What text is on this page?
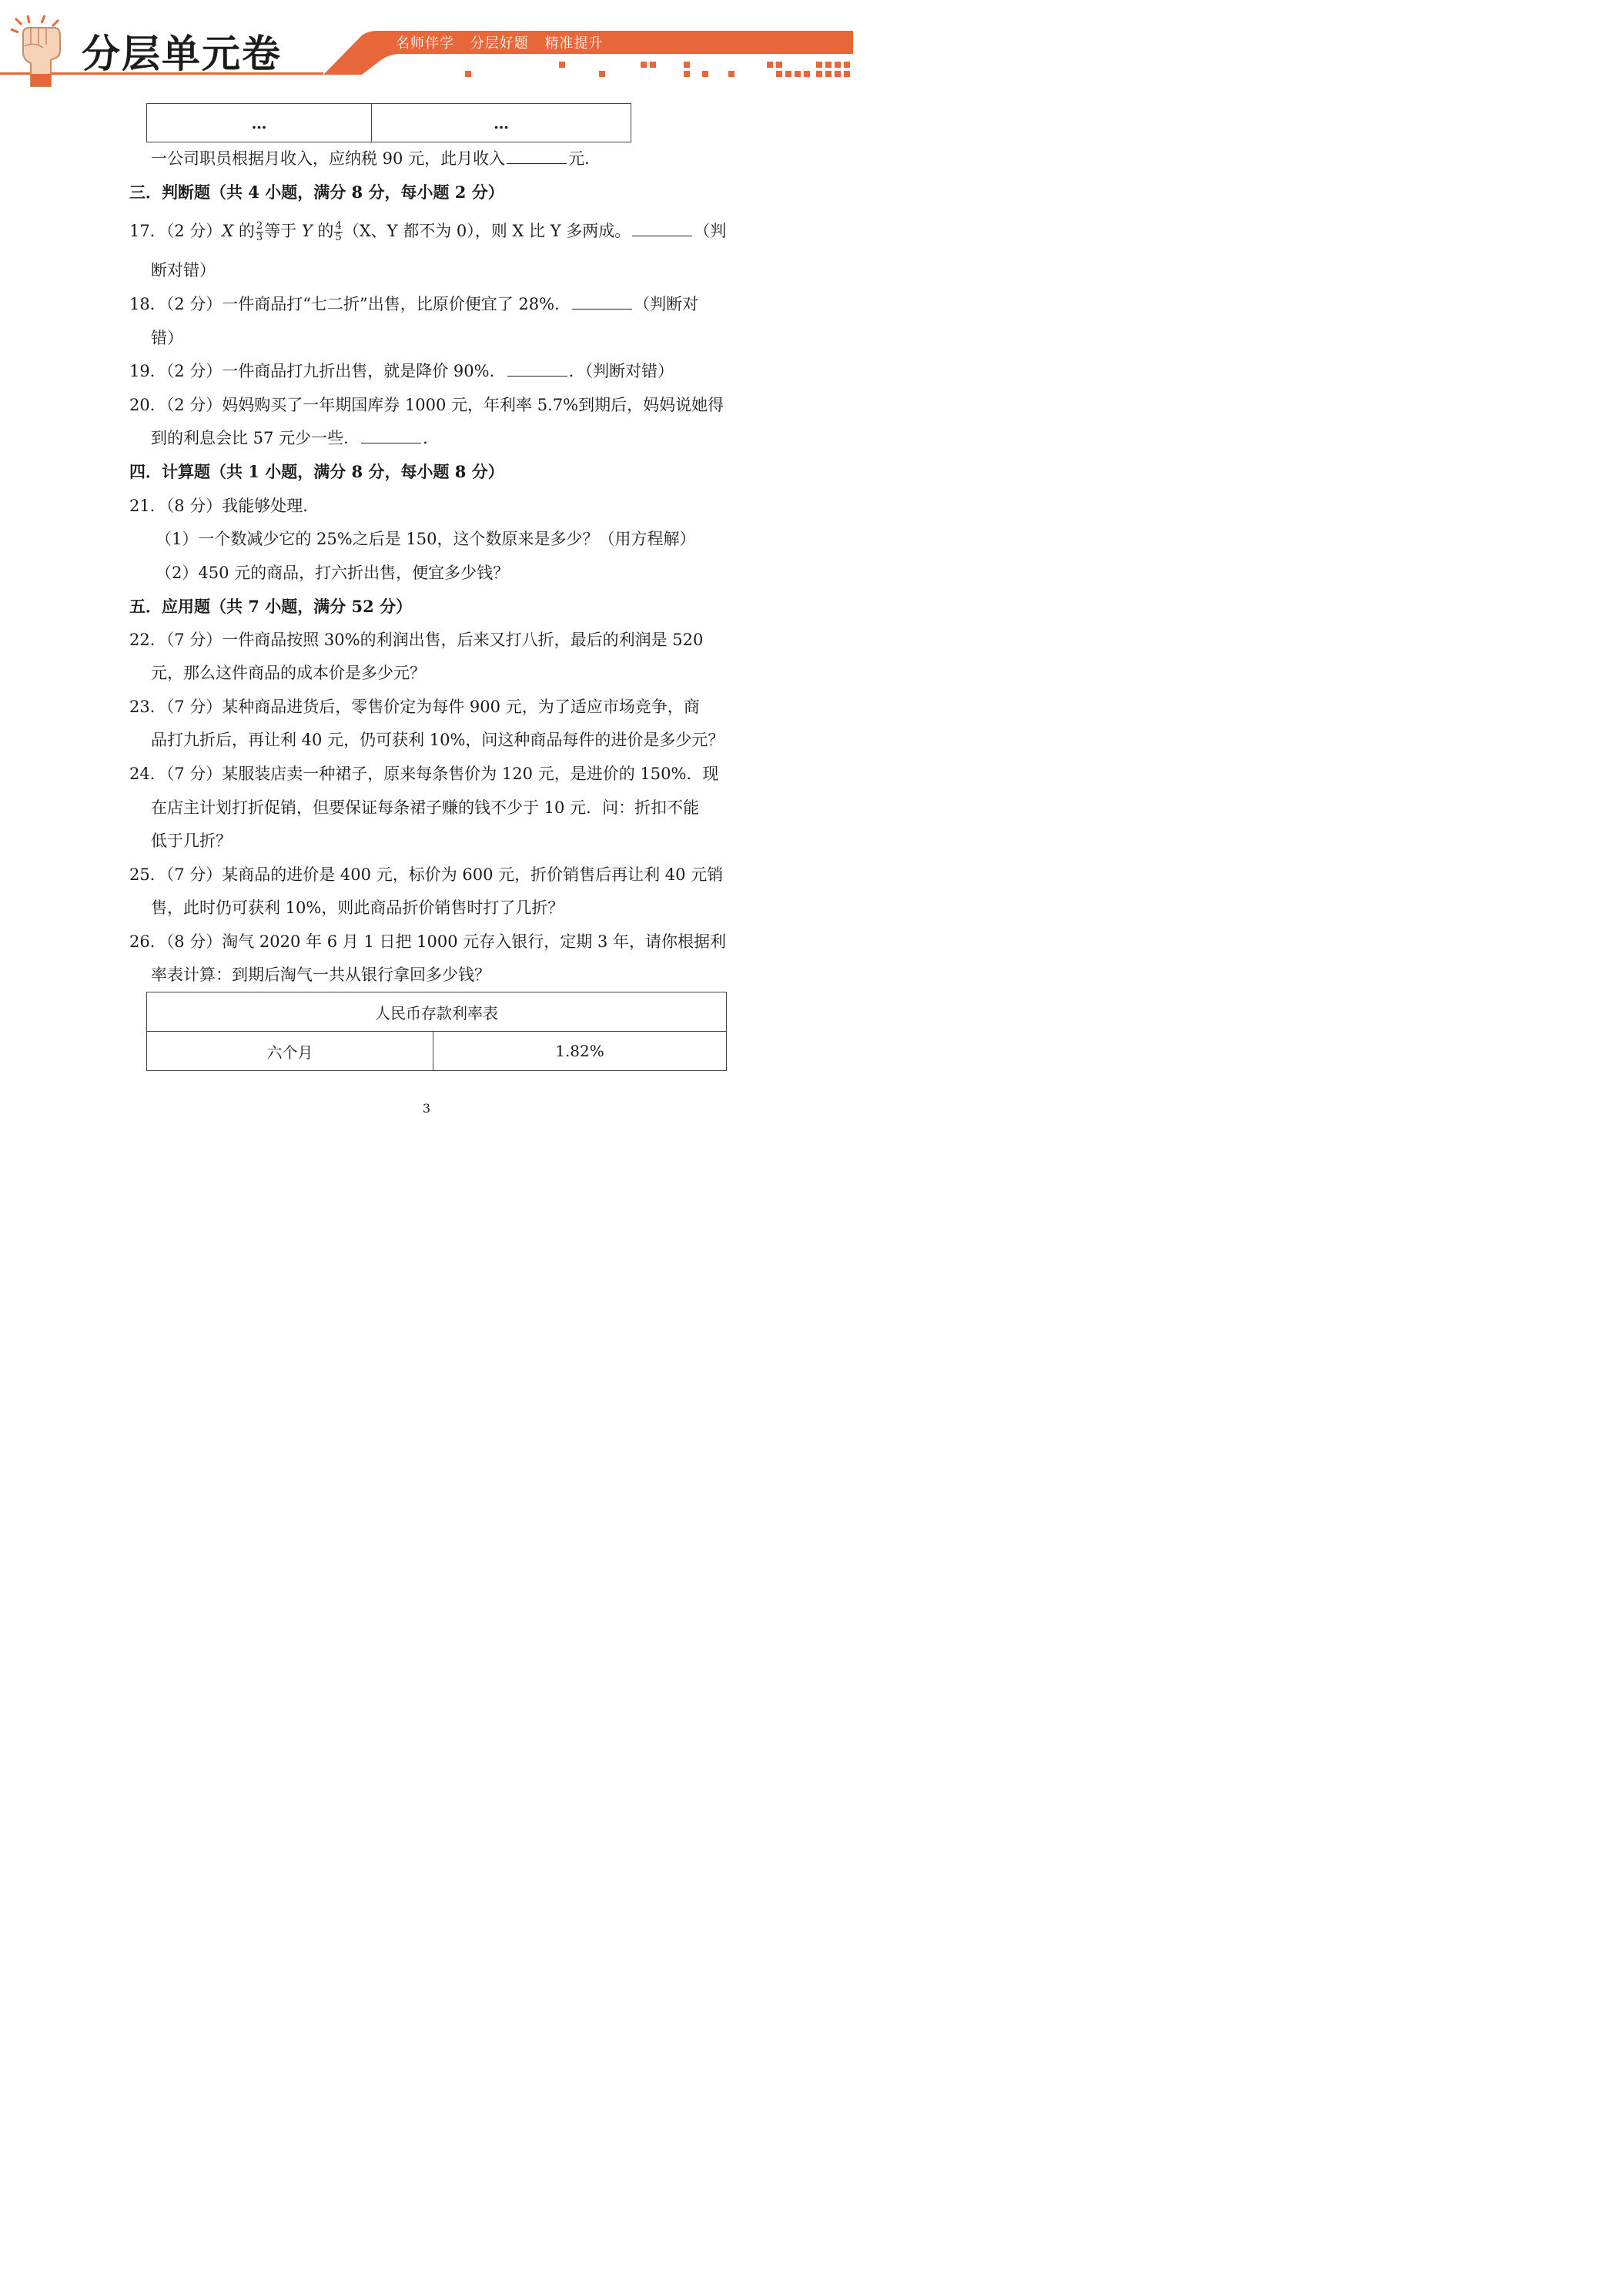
分层单元卷	名师伴学 分层好题 精准提升
…	…
一公司职员根据月收入，应纳税 90 元，此月收入	元.
三．判断题（共 4 小题，满分 8 分，每小题 2 分）
17．（2 分）X 的 $\frac{2}{3}$ 等于 Y 的 $\frac{4}{5} (X$、Y 都不为 0），则 X 比 Y 多两成。	（判
断对错）
18．（2 分）一件商品打“七二折”出售，比原价便宜了 28%．	（判断对
错）
19．（2 分）一件商品打九折出售，就是降价 90%．	．（判断对错）
20．（2 分）妈妈购买了一年期国库券 1000 元，年利率 5.7%到期后，妈妈说她得
到的利息会比 57 元少一些．	．
四．计算题（共 1 小题，满分 8 分，每小题 8 分）
21．（8 分）我能够处理．
（1）一个数减少它的 25%之后是 150，这个数原来是多少？（用方程解）
（2）450 元的商品，打六折出售，便宜多少钱？
五．应用题（共 7 小题，满分 52 分）
22．（7 分）一件商品按照 30%的利润出售，后来又打八折，最后的利润是 520
元，那么这件商品的成本价是多少元？
23．（7 分）某种商品进货后，零售价定为每件 900 元，为了适应市场竞争，商
品打九折后，再让利 40 元，仍可获利 10%，问这种商品每件的进价是多少元？
24．（7 分）某服装店卖一种裙子，原来每条售价为 120 元，是进价的 150%．现
在店主计划打折促销，但要保证每条裙子赚的钱不少于 10 元．问：折扣不能
低于几折？
25．（7 分）某商品的进价是 400 元，标价为 600 元，折价销售后再让利 40 元销
售，此时仍可获利 10%，则此商品折价销售时打了几折？
26．（8 分）淘气 2020 年 6 月 1 日把 1000 元存入银行，定期 3 年，请你根据利
率表计算：到期后淘气一共从银行拿回多少钱？
人民币存款利率表
六个月	1.82%
3
